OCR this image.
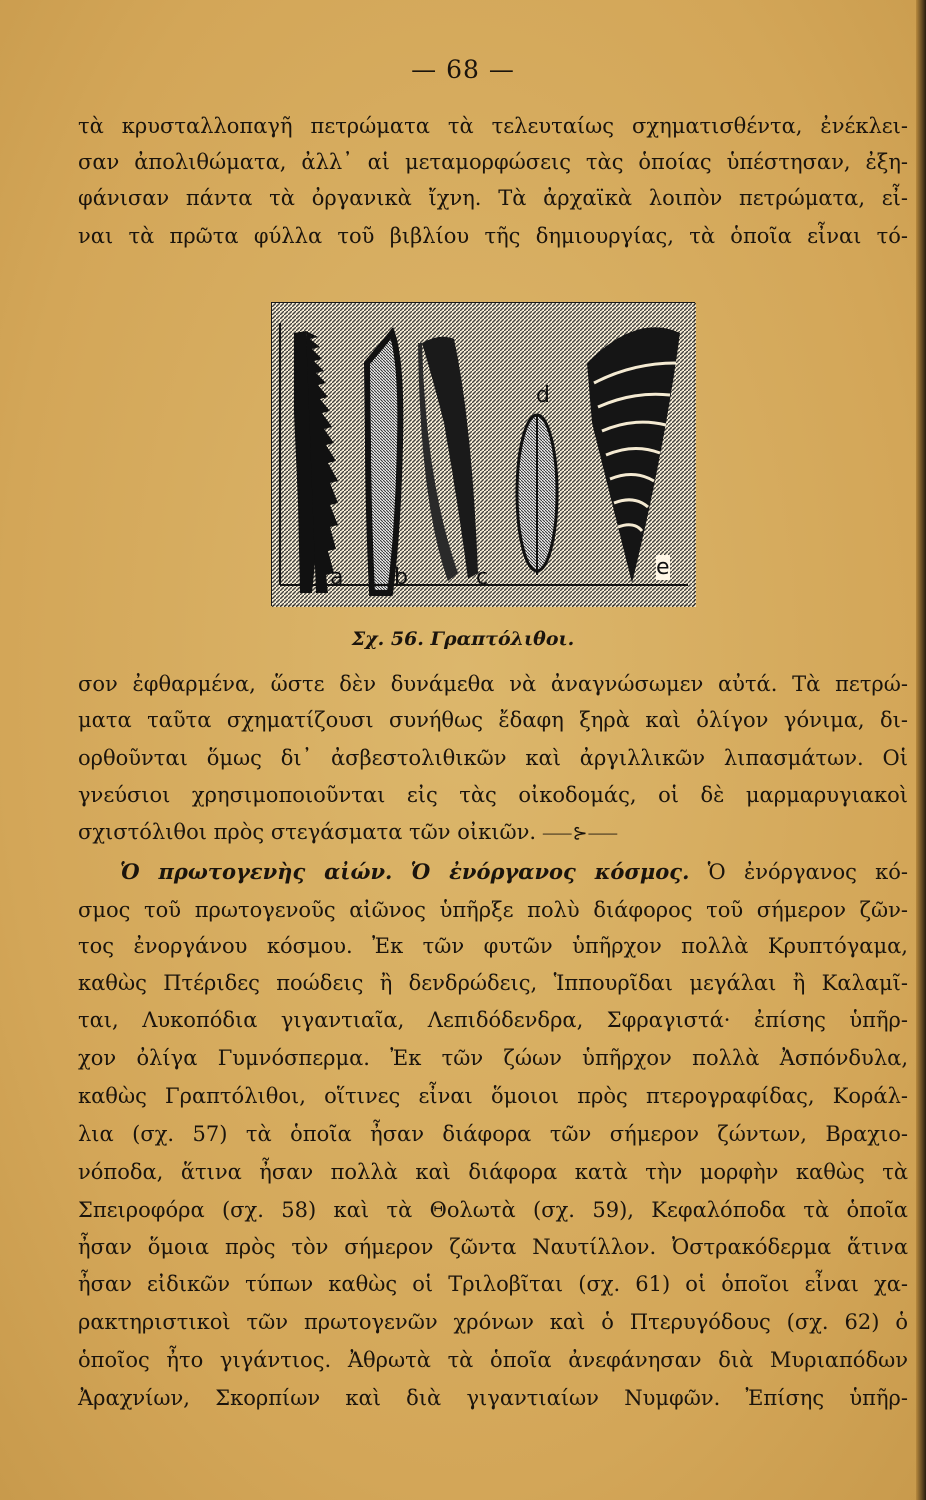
— 68 —
τὰ κρυσταλλοπαγῆ πετρώματα τὰ τελευταίως σχηματισθέντα, ἐνέκλει-
σαν ἀπολιθώματα, ἀλλ᾽ αἱ μεταμορφώσεις τὰς ὁποίας ὑπέστησαν, ἐξη-
φάνισαν πάντα τὰ ὀργανικὰ ἴχνη. Τὰ ἀρχαϊκὰ λοιπὸν πετρώματα, εἶ-
ναι τὰ πρῶτα φύλλα τοῦ βιβλίου τῆς δημιουργίας, τὰ ὁποῖα εἶναι τό-
a b	c
d
e
Σχ. 56. Γραπτόλιθοι.
σον ἐφθαρμένα, ὥστε δὲν δυνάμεθα νὰ ἀναγνώσωμεν αὐτά. Τὰ πετρώ-
ματα ταῦτα σχηματίζουσι συνήθως ἔδαφη ξηρὰ καὶ ὀλίγον γόνιμα, δι-
ορθοῦνται ὅμως δι᾽ ἀσβεστολιθικῶν καὶ ἀργιλλικῶν λιπασμάτων. Οἱ
γνεύσιοι χρησιμοποιοῦνται εἰς τὰς οἰκοδομάς, οἱ δὲ μαρμαρυγιακοὶ
σχιστόλιθοι πρὸς στεγάσματα τῶν οἰκιῶν. ⸺⊱⸺
Ὁ πρωτογενὴς αἰών. Ὁ ἐνόργανος κόσμος. Ὁ ἐνόργανος κό-
σμος τοῦ πρωτογενοῦς αἰῶνος ὑπῆρξε πολὺ διάφορος τοῦ σήμερον ζῶν-
τος ἐνοργάνου κόσμου. Ἐκ τῶν φυτῶν ὑπῆρχον πολλὰ Κρυπτόγαμα,
καθὼς Πτέριδες ποώδεις ἢ δενδρώδεις, Ἱππουρῖδαι μεγάλαι ἢ Καλαμῖ-
ται, Λυκοπόδια γιγαντιαῖα, Λεπιδόδενδρα, Σφραγιστά· ἐπίσης ὑπῆρ-
χον ὀλίγα Γυμνόσπερμα. Ἐκ τῶν ζώων ὑπῆρχον πολλὰ Ἀσπόνδυλα,
καθὼς Γραπτόλιθοι, οἵτινες εἶναι ὅμοιοι πρὸς πτερογραφίδας, Κοράλ-
λια (σχ. 57) τὰ ὁποῖα ἦσαν διάφορα τῶν σήμερον ζώντων, Βραχιο-
νόποδα, ἅτινα ἦσαν πολλὰ καὶ διάφορα κατὰ τὴν μορφὴν καθὼς τὰ
Σπειροφόρα (σχ. 58) καὶ τὰ Θολωτὰ (σχ. 59), Κεφαλόποδα τὰ ὁποῖα
ἦσαν ὅμοια πρὸς τὸν σήμερον ζῶντα Ναυτίλλον. Ὀστρακόδερμα ἅτινα
ἦσαν εἰδικῶν τύπων καθὼς οἱ Τριλοβῖται (σχ. 61) οἱ ὁποῖοι εἶναι χα-
ρακτηριστικοὶ τῶν πρωτογενῶν χρόνων καὶ ὁ Πτερυγόδους (σχ. 62) ὁ
ὁποῖος ἦτο γιγάντιος. Ἀθρωτὰ τὰ ὁποῖα ἀνεφάνησαν διὰ Μυριαπόδων
Ἀραχνίων, Σκορπίων καὶ διὰ γιγαντιαίων Νυμφῶν. Ἐπίσης ὑπῆρ-
